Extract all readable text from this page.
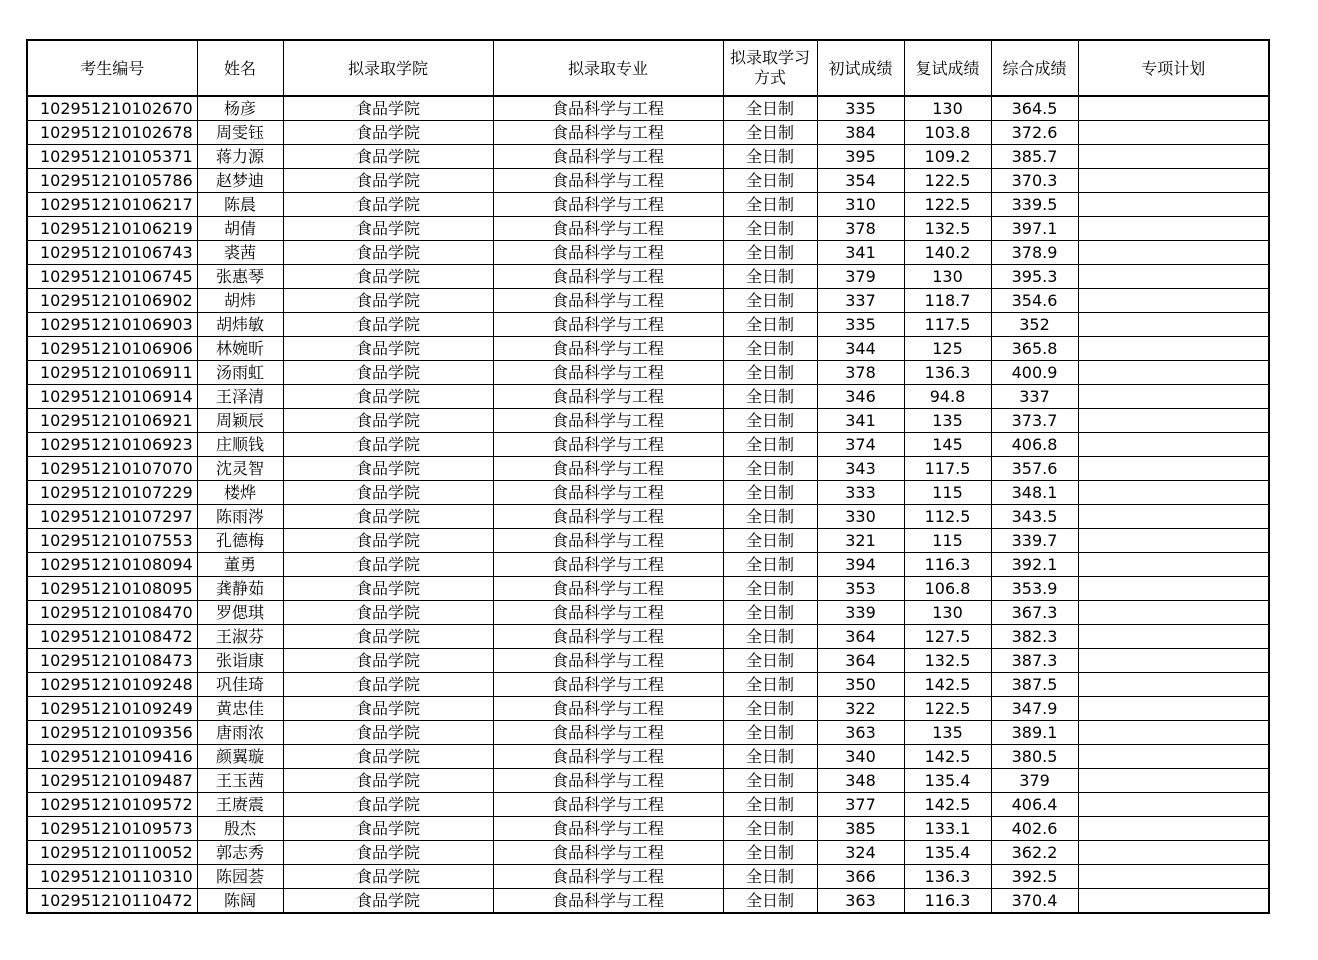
考生编号	姓名	拟录取学院	拟录取专业	拟录取学习方式	初试成绩	复试成绩	综合成绩	专项计划
102951210102670	杨彦	食品学院	食品科学与工程	全日制	335	130	364.5	
102951210102678	周雯钰	食品学院	食品科学与工程	全日制	384	103.8	372.6	
102951210105371	蒋力源	食品学院	食品科学与工程	全日制	395	109.2	385.7	
102951210105786	赵梦迪	食品学院	食品科学与工程	全日制	354	122.5	370.3	
102951210106217	陈晨	食品学院	食品科学与工程	全日制	310	122.5	339.5	
102951210106219	胡倩	食品学院	食品科学与工程	全日制	378	132.5	397.1	
102951210106743	裘茜	食品学院	食品科学与工程	全日制	341	140.2	378.9	
102951210106745	张惠琴	食品学院	食品科学与工程	全日制	379	130	395.3	
102951210106902	胡炜	食品学院	食品科学与工程	全日制	337	118.7	354.6	
102951210106903	胡炜敏	食品学院	食品科学与工程	全日制	335	117.5	352	
102951210106906	林婉昕	食品学院	食品科学与工程	全日制	344	125	365.8	
102951210106911	汤雨虹	食品学院	食品科学与工程	全日制	378	136.3	400.9	
102951210106914	王泽清	食品学院	食品科学与工程	全日制	346	94.8	337	
102951210106921	周颖辰	食品学院	食品科学与工程	全日制	341	135	373.7	
102951210106923	庄顺钱	食品学院	食品科学与工程	全日制	374	145	406.8	
102951210107070	沈灵智	食品学院	食品科学与工程	全日制	343	117.5	357.6	
102951210107229	楼烨	食品学院	食品科学与工程	全日制	333	115	348.1	
102951210107297	陈雨涔	食品学院	食品科学与工程	全日制	330	112.5	343.5	
102951210107553	孔德梅	食品学院	食品科学与工程	全日制	321	115	339.7	
102951210108094	董勇	食品学院	食品科学与工程	全日制	394	116.3	392.1	
102951210108095	龚静茹	食品学院	食品科学与工程	全日制	353	106.8	353.9	
102951210108470	罗偲琪	食品学院	食品科学与工程	全日制	339	130	367.3	
102951210108472	王淑芬	食品学院	食品科学与工程	全日制	364	127.5	382.3	
102951210108473	张诣康	食品学院	食品科学与工程	全日制	364	132.5	387.3	
102951210109248	巩佳琦	食品学院	食品科学与工程	全日制	350	142.5	387.5	
102951210109249	黄忠佳	食品学院	食品科学与工程	全日制	322	122.5	347.9	
102951210109356	唐雨浓	食品学院	食品科学与工程	全日制	363	135	389.1	
102951210109416	颜翼璇	食品学院	食品科学与工程	全日制	340	142.5	380.5	
102951210109487	王玉茜	食品学院	食品科学与工程	全日制	348	135.4	379	
102951210109572	王赓震	食品学院	食品科学与工程	全日制	377	142.5	406.4	
102951210109573	殷杰	食品学院	食品科学与工程	全日制	385	133.1	402.6	
102951210110052	郭志秀	食品学院	食品科学与工程	全日制	324	135.4	362.2	
102951210110310	陈园荟	食品学院	食品科学与工程	全日制	366	136.3	392.5	
102951210110472	陈阔	食品学院	食品科学与工程	全日制	363	116.3	370.4	
